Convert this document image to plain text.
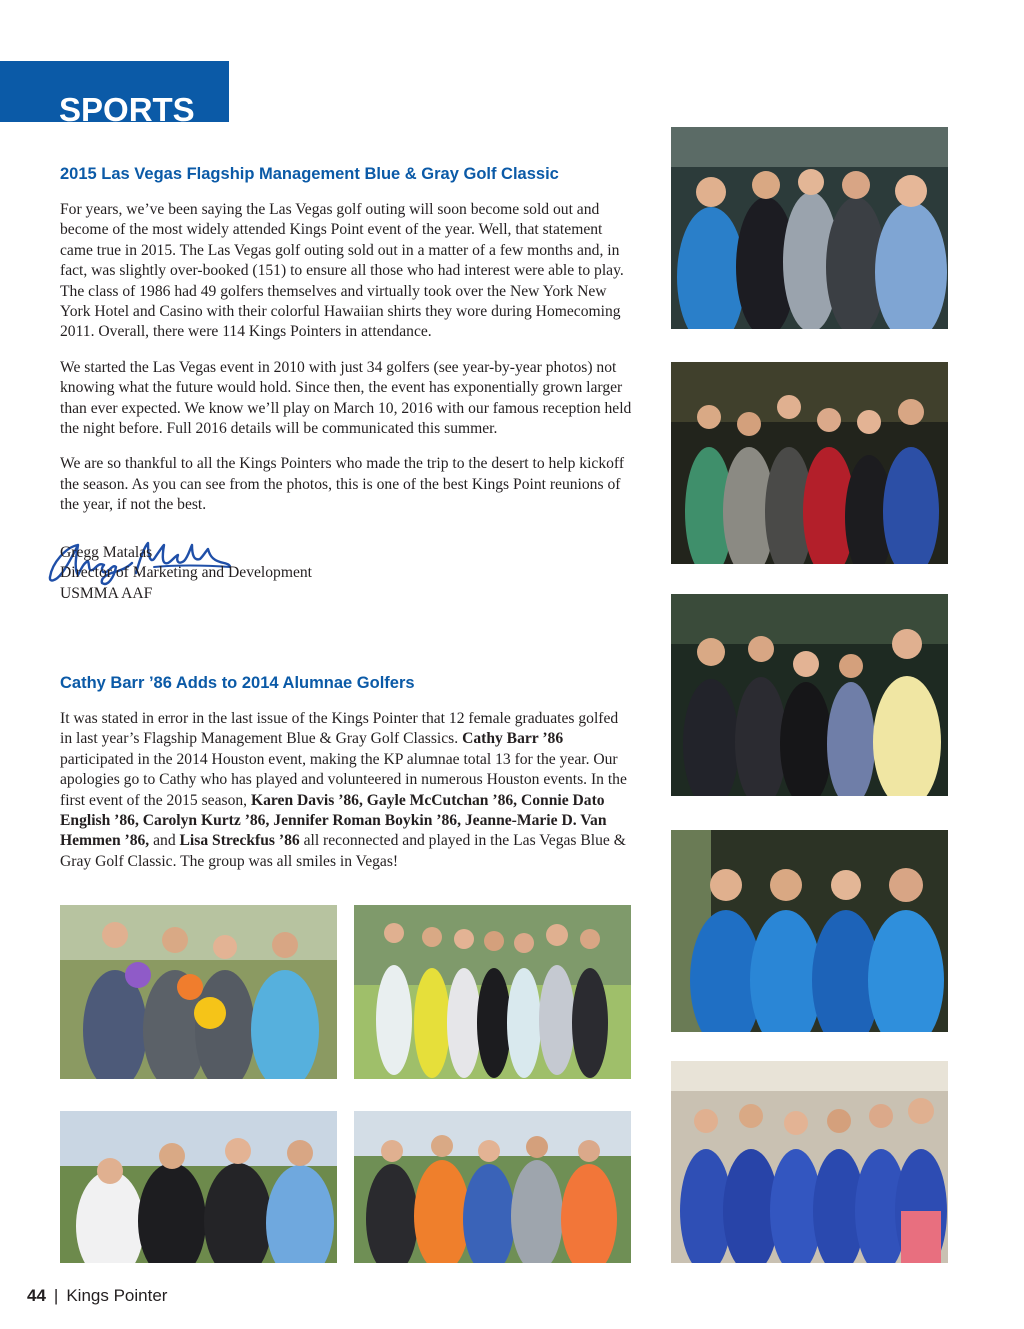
SPORTS
2015 Las Vegas Flagship Management Blue & Gray Golf Classic

For years, we’ve been saying the Las Vegas golf outing will soon become sold out and become of the most widely attended Kings Point event of the year. Well, that statement came true in 2015. The Las Vegas golf outing sold out in a matter of a few months and, in fact, was slightly over-booked (151) to ensure all those who had interest were able to play. The class of 1986 had 49 golfers themselves and virtually took over the New York New York Hotel and Casino with their colorful Hawaiian shirts they wore during Homecoming 2011. Overall, there were 114 Kings Pointers in attendance.

We started the Las Vegas event in 2010 with just 34 golfers (see year-by-year photos) not knowing what the future would hold. Since then, the event has exponentially grown larger than ever expected. We know we’ll play on March 10, 2016 with our famous reception held the night before. Full 2016 details will be communicated this summer.

We are so thankful to all the Kings Pointers who made the trip to the desert to help kickoff the season. As you can see from the photos, this is one of the best Kings Point reunions of the year, if not the best.

Gregg Matalas
Director of Marketing and Development
USMMA AAF
Cathy Barr ’86 Adds to 2014 Alumnae Golfers

It was stated in error in the last issue of the Kings Pointer that 12 female graduates golfed in last year’s Flagship Management Blue & Gray Golf Classics. Cathy Barr ’86 participated in the 2014 Houston event, making the KP alumnae total 13 for the year. Our apologies go to Cathy who has played and volunteered in numerous Houston events. In the first event of the 2015 season, Karen Davis ’86, Gayle McCutchan ’86, Connie Dato English ’86, Carolyn Kurtz ’86, Jennifer Roman Boykin ’86, Jeanne-Marie D. Van Hemmen ’86, and Lisa Streckfus ’86 all reconnected and played in the Las Vegas Blue & Gray Golf Classic. The group was all smiles in Vegas!

44 | Kings Pointer
